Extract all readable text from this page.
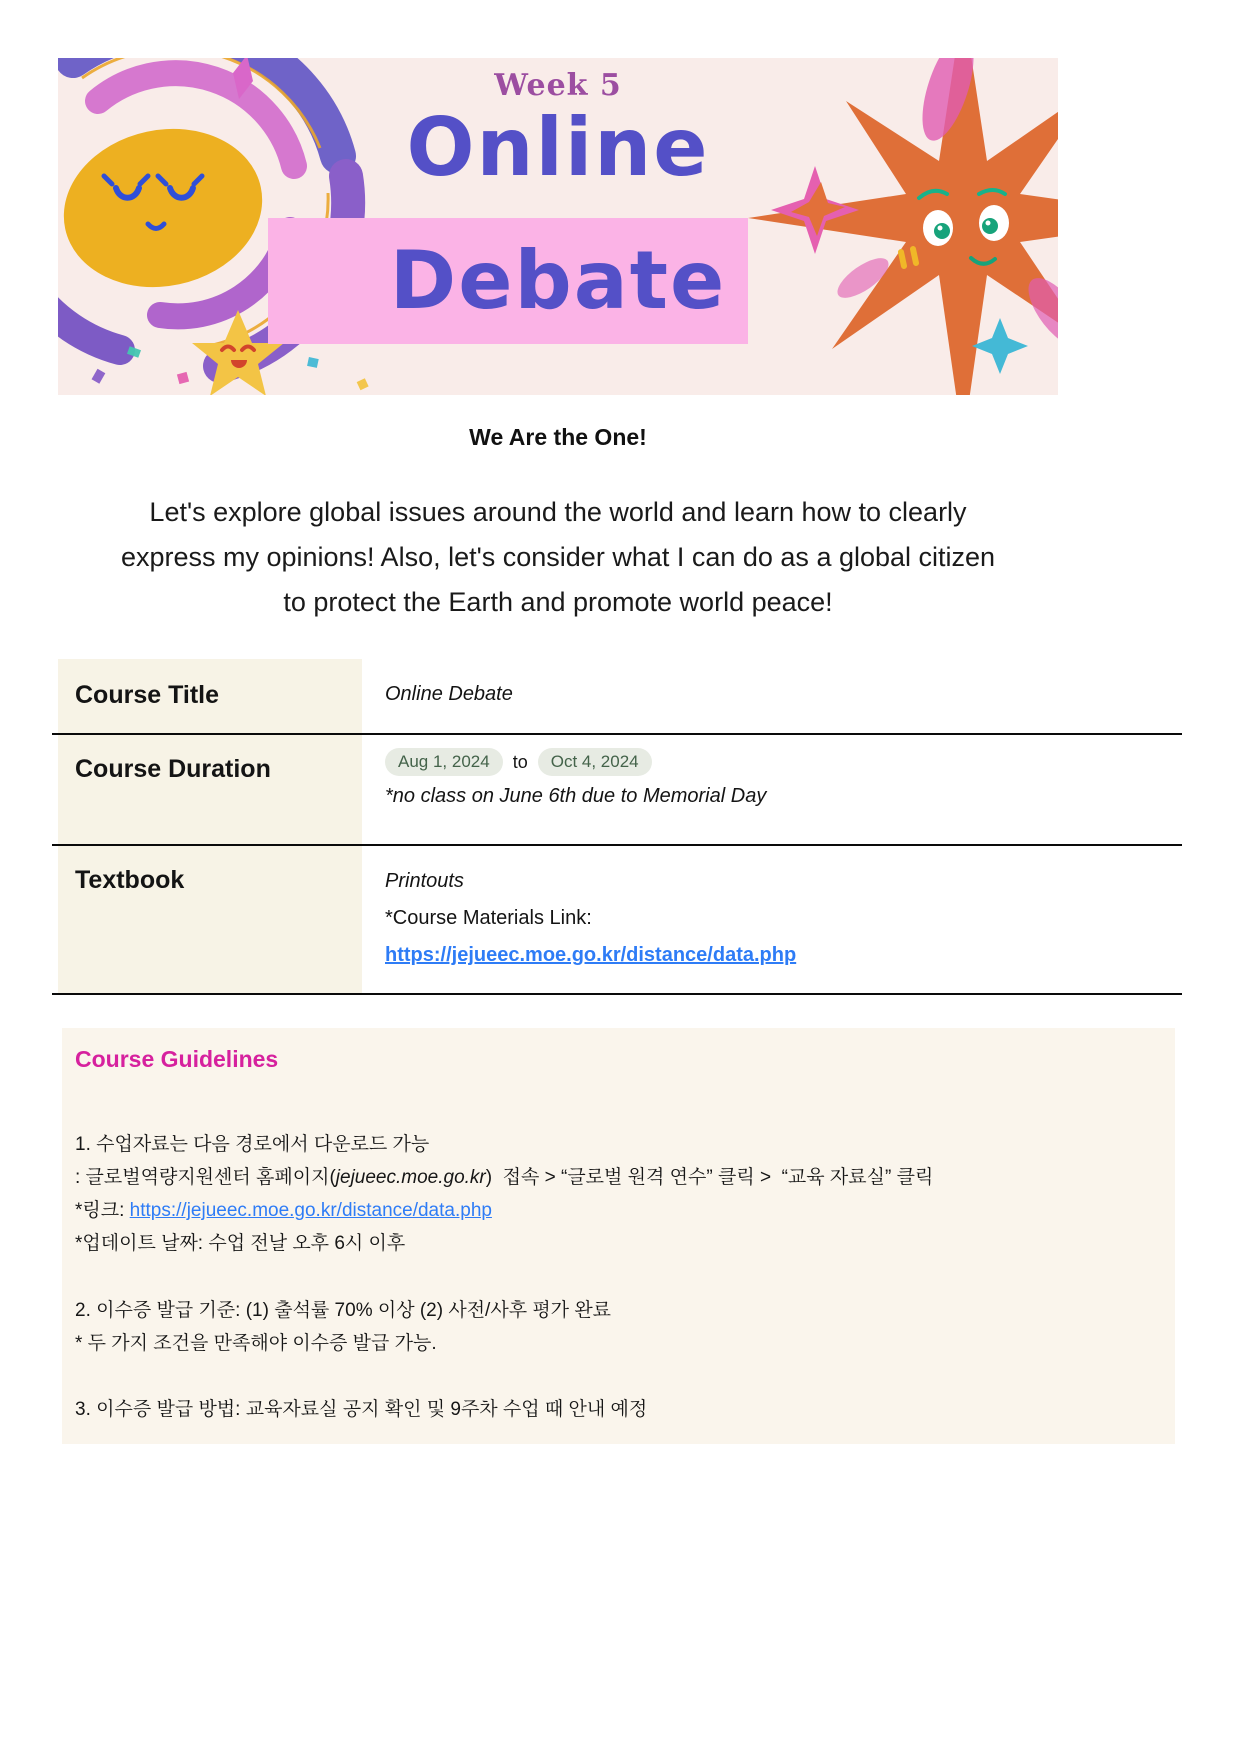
Week 5
Online
Debate
We Are the One!
Let's explore global issues around the world and learn how to clearly
express my opinions! Also, let's consider what I can do as a global citizen
to protect the Earth and promote world peace!
Course Title	Online Debate
Course Duration	Aug 1, 2024	to	Oct 4, 2024
*no class on June 6th due to Memorial Day
Textbook	Printouts
*Course Materials Link:
https://jejueec.moe.go.kr/distance/data.php
Course Guidelines

1. 수업자료는 다음 경로에서 다운로드 가능
: 글로벌역량지원센터 홈페이지(jejueec.moe.go.kr)  접속 > “글로벌 원격 연수” 클릭 >  “교육 자료실” 클릭
*링크: https://jejueec.moe.go.kr/distance/data.php
*업데이트 날짜: 수업 전날 오후 6시 이후

2. 이수증 발급 기준: (1) 출석률 70% 이상 (2) 사전/사후 평가 완료
* 두 가지 조건을 만족해야 이수증 발급 가능.

3. 이수증 발급 방법: 교육자료실 공지 확인 및 9주차 수업 때 안내 예정
